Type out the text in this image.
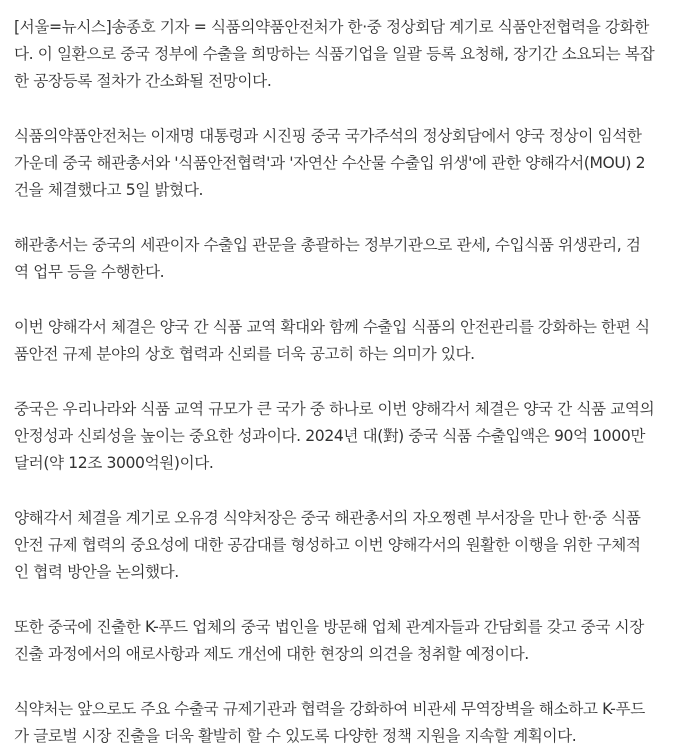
[서울=뉴시스]송종호 기자 = 식품의약품안전처가 한·중 정상회담 계기로 식품안전협력을 강화한
다. 이 일환으로 중국 정부에 수출을 희망하는 식품기업을 일괄 등록 요청해, 장기간 소요되는 복잡
한 공장등록 절차가 간소화될 전망이다.

식품의약품안전처는 이재명 대통령과 시진핑 중국 국가주석의 정상회담에서 양국 정상이 임석한
가운데 중국 해관총서와 '식품안전협력'과 '자연산 수산물 수출입 위생'에 관한 양해각서(MOU) 2
건을 체결했다고 5일 밝혔다.

해관총서는 중국의 세관이자 수출입 관문을 총괄하는 정부기관으로 관세, 수입식품 위생관리, 검
역 업무 등을 수행한다.

이번 양해각서 체결은 양국 간 식품 교역 확대와 함께 수출입 식품의 안전관리를 강화하는 한편 식
품안전 규제 분야의 상호 협력과 신뢰를 더욱 공고히 하는 의미가 있다.

중국은 우리나라와 식품 교역 규모가 큰 국가 중 하나로 이번 양해각서 체결은 양국 간 식품 교역의
안정성과 신뢰성을 높이는 중요한 성과이다. 2024년 대(對) 중국 식품 수출입액은 90억 1000만
달러(약 12조 3000억원)이다.

양해각서 체결을 계기로 오유경 식약처장은 중국 해관총서의 자오쩡롄 부서장을 만나 한·중 식품
안전 규제 협력의 중요성에 대한 공감대를 형성하고 이번 양해각서의 원활한 이행을 위한 구체적
인 협력 방안을 논의했다.

또한 중국에 진출한 K-푸드 업체의 중국 법인을 방문해 업체 관계자들과 간담회를 갖고 중국 시장
진출 과정에서의 애로사항과 제도 개선에 대한 현장의 의견을 청취할 예정이다.

식약처는 앞으로도 주요 수출국 규제기관과 협력을 강화하여 비관세 무역장벽을 해소하고 K-푸드
가 글로벌 시장 진출을 더욱 활발히 할 수 있도록 다양한 정책 지원을 지속할 계획이다.
